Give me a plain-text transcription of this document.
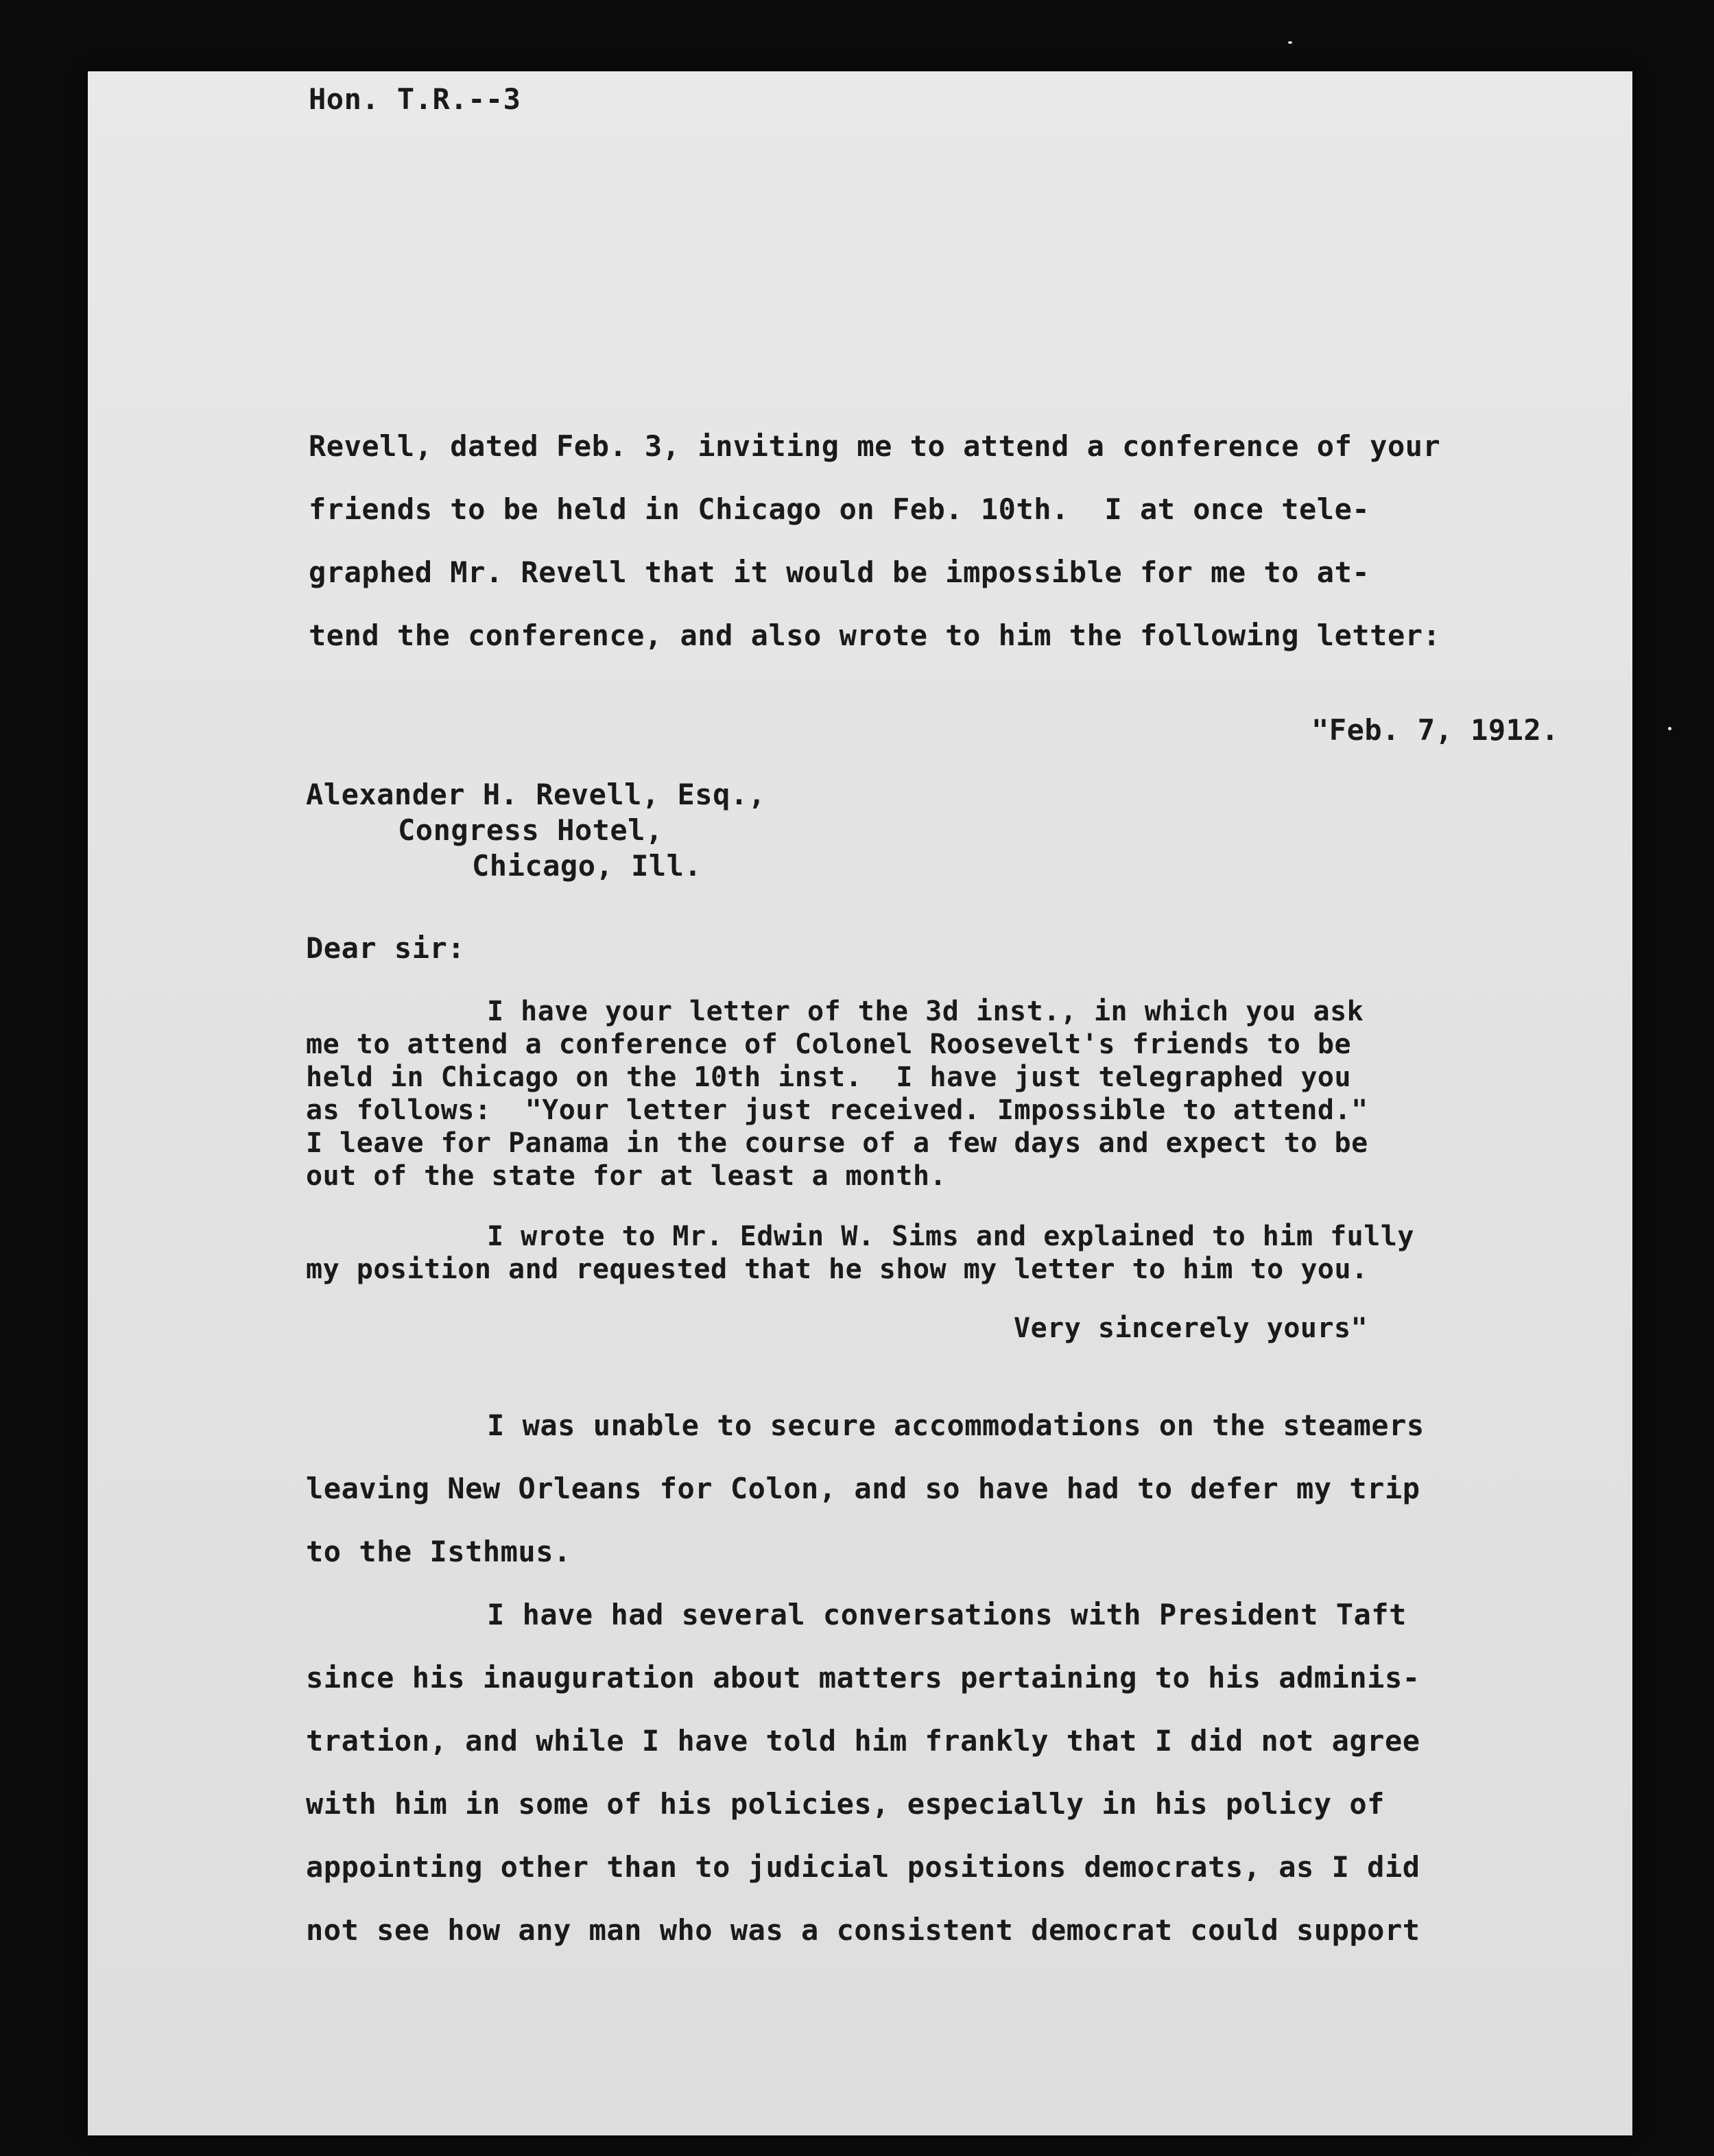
Hon. T.R.--3
Revell, dated Feb. 3, inviting me to attend a conference of your
friends to be held in Chicago on Feb. 10th.  I at once tele-
graphed Mr. Revell that it would be impossible for me to at-
tend the conference, and also wrote to him the following letter:
"Feb. 7, 1912.
Alexander H. Revell, Esq.,
Congress Hotel,
Chicago, Ill.
Dear sir:
I have your letter of the 3d inst., in which you ask
me to attend a conference of Colonel Roosevelt's friends to be
held in Chicago on the 10th inst.  I have just telegraphed you
as follows:  "Your letter just received. Impossible to attend."
I leave for Panama in the course of a few days and expect to be
out of the state for at least a month.
I wrote to Mr. Edwin W. Sims and explained to him fully
my position and requested that he show my letter to him to you.
Very sincerely yours"
I was unable to secure accommodations on the steamers
leaving New Orleans for Colon, and so have had to defer my trip
to the Isthmus.
I have had several conversations with President Taft
since his inauguration about matters pertaining to his adminis-
tration, and while I have told him frankly that I did not agree
with him in some of his policies, especially in his policy of
appointing other than to judicial positions democrats, as I did
not see how any man who was a consistent democrat could support
